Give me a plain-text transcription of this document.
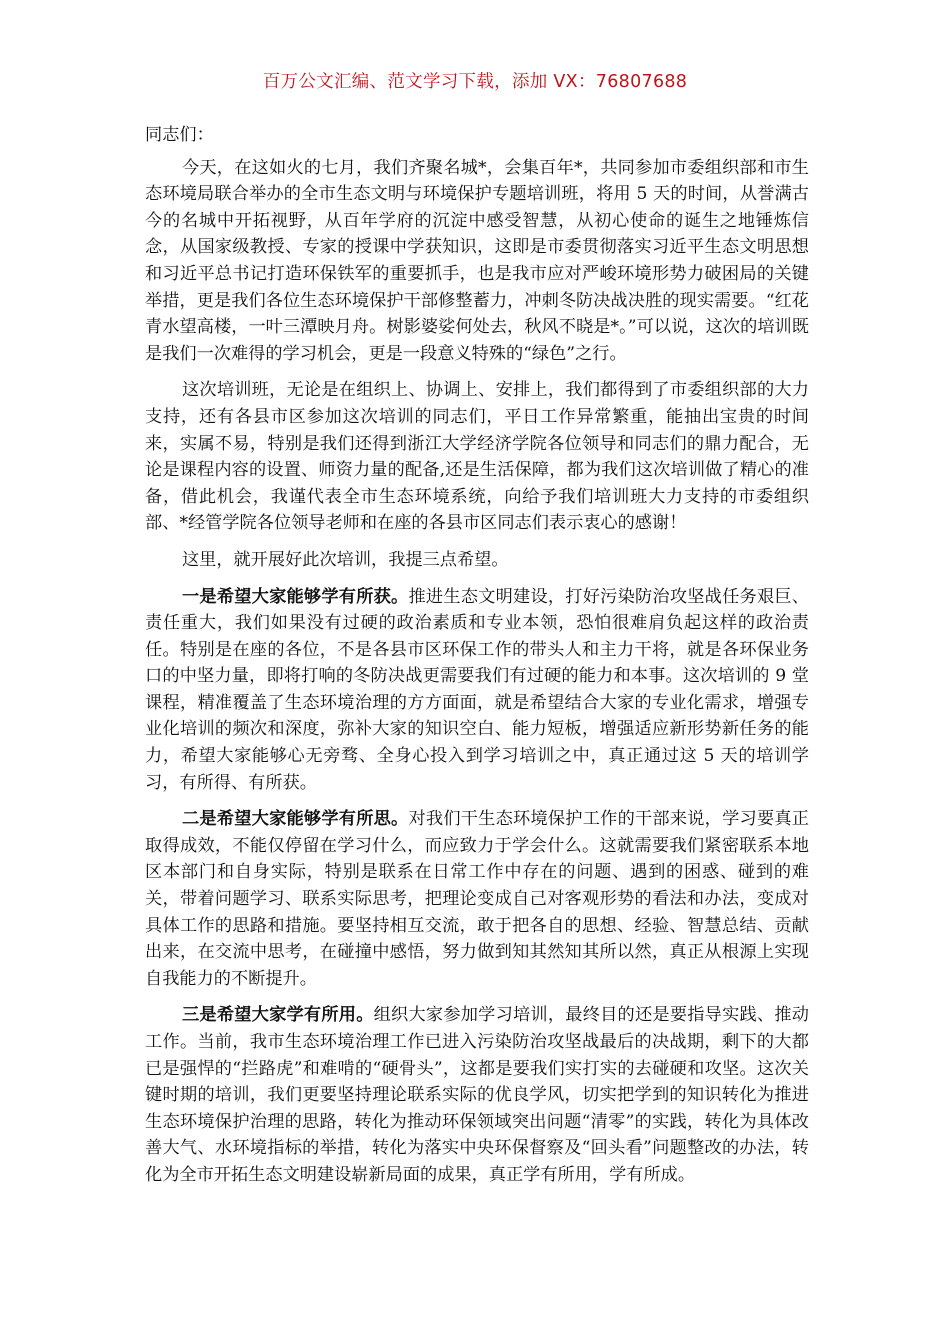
百万公文汇编、范文学习下载，添加 VX：76807688

同志们：

今天，在这如火的七月，我们齐聚名城*，会集百年*，共同参加市委组织部和市生态环境局联合举办的全市生态文明与环境保护专题培训班，将用 5 天的时间，从誉满古今的名城中开拓视野，从百年学府的沉淀中感受智慧，从初心使命的诞生之地锤炼信念，从国家级教授、专家的授课中学获知识，这即是市委贯彻落实习近平生态文明思想和习近平总书记打造环保铁军的重要抓手，也是我市应对严峻环境形势力破困局的关键举措，更是我们各位生态环境保护干部修整蓄力，冲刺冬防决战决胜的现实需要。“红花青水望高楼，一叶三潭映月舟。树影婆娑何处去，秋风不晓是*。”可以说，这次的培训既是我们一次难得的学习机会，更是一段意义特殊的“绿色”之行。

这次培训班，无论是在组织上、协调上、安排上，我们都得到了市委组织部的大力支持，还有各县市区参加这次培训的同志们，平日工作异常繁重，能抽出宝贵的时间来，实属不易，特别是我们还得到浙江大学经济学院各位领导和同志们的鼎力配合，无论是课程内容的设置、师资力量的配备,还是生活保障，都为我们这次培训做了精心的准备，借此机会，我谨代表全市生态环境系统，向给予我们培训班大力支持的市委组织部、*经管学院各位领导老师和在座的各县市区同志们表示衷心的感谢！

这里，就开展好此次培训，我提三点希望。

一是希望大家能够学有所获。推进生态文明建设，打好污染防治攻坚战任务艰巨、责任重大，我们如果没有过硬的政治素质和专业本领，恐怕很难肩负起这样的政治责任。特别是在座的各位，不是各县市区环保工作的带头人和主力干将，就是各环保业务口的中坚力量，即将打响的冬防决战更需要我们有过硬的能力和本事。这次培训的 9 堂课程，精准覆盖了生态环境治理的方方面面，就是希望结合大家的专业化需求，增强专业化培训的频次和深度，弥补大家的知识空白、能力短板，增强适应新形势新任务的能力，希望大家能够心无旁骛、全身心投入到学习培训之中，真正通过这 5 天的培训学习，有所得、有所获。

二是希望大家能够学有所思。对我们干生态环境保护工作的干部来说，学习要真正取得成效，不能仅停留在学习什么，而应致力于学会什么。这就需要我们紧密联系本地区本部门和自身实际，特别是联系在日常工作中存在的问题、遇到的困惑、碰到的难关，带着问题学习、联系实际思考，把理论变成自己对客观形势的看法和办法，变成对具体工作的思路和措施。要坚持相互交流，敢于把各自的思想、经验、智慧总结、贡献出来，在交流中思考，在碰撞中感悟，努力做到知其然知其所以然，真正从根源上实现自我能力的不断提升。

三是希望大家学有所用。组织大家参加学习培训，最终目的还是要指导实践、推动工作。当前，我市生态环境治理工作已进入污染防治攻坚战最后的决战期，剩下的大都已是强悍的“拦路虎”和难啃的“硬骨头”，这都是要我们实打实的去碰硬和攻坚。这次关键时期的培训，我们更要坚持理论联系实际的优良学风，切实把学到的知识转化为推进生态环境保护治理的思路，转化为推动环保领域突出问题“清零”的实践，转化为具体改善大气、水环境指标的举措，转化为落实中央环保督察及“回头看”问题整改的办法，转化为全市开拓生态文明建设崭新局面的成果，真正学有所用，学有所成。
